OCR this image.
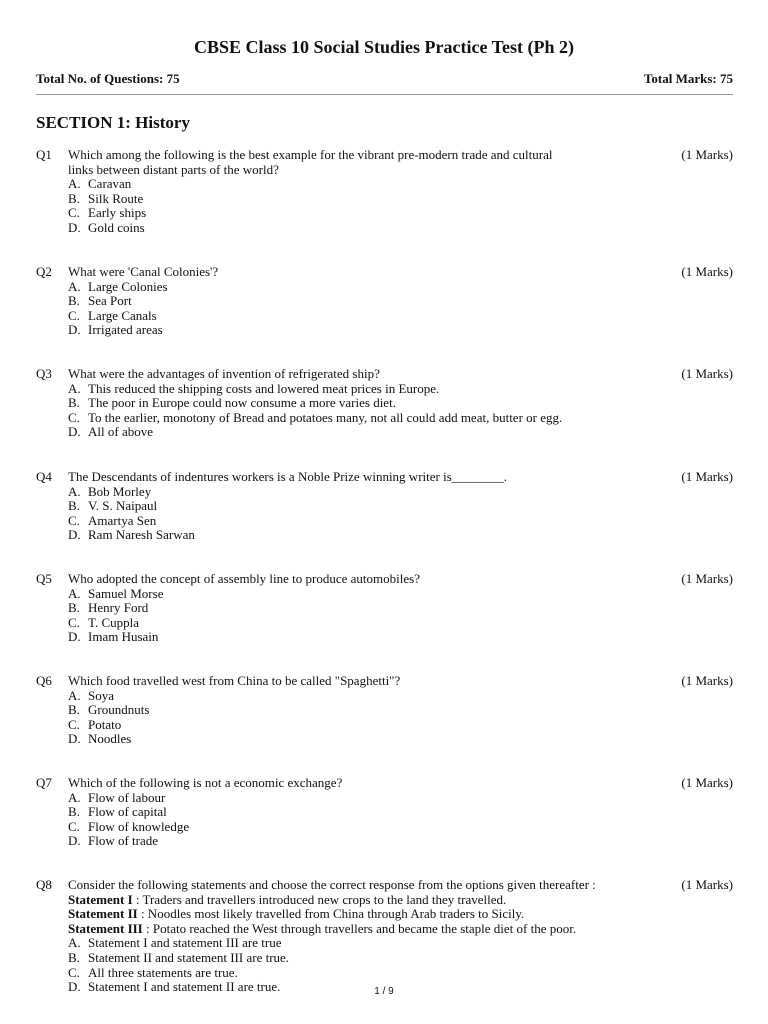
CBSE Class 10 Social Studies Practice Test (Ph 2)
Total No. of Questions: 75	Total Marks: 75
SECTION 1: History
Q1	(1 Marks)
Which among the following is the best example for the vibrant pre-modern trade and cultural
links between distant parts of the world?
A. Caravan
B. Silk Route
C. Early ships
D. Gold coins
Q2	(1 Marks)
What were 'Canal Colonies'?
A. Large Colonies
B. Sea Port
C. Large Canals
D. Irrigated areas
Q3	(1 Marks)
What were the advantages of invention of refrigerated ship?
A. This reduced the shipping costs and lowered meat prices in Europe.
B. The poor in Europe could now consume a more varies diet.
C. To the earlier, monotony of Bread and potatoes many, not all could add meat, butter or egg.
D. All of above
Q4	(1 Marks)
The Descendants of indentures workers is a Noble Prize winning writer is________.
A. Bob Morley
B. V. S. Naipaul
C. Amartya Sen
D. Ram Naresh Sarwan
Q5	(1 Marks)
Who adopted the concept of assembly line to produce automobiles?
A. Samuel Morse
B. Henry Ford
C. T. Cuppla
D. Imam Husain
Q6	(1 Marks)
Which food travelled west from China to be called "Spaghetti"?
A. Soya
B. Groundnuts
C. Potato
D. Noodles
Q7	(1 Marks)
Which of the following is not a economic exchange?
A. Flow of labour
B. Flow of capital
C. Flow of knowledge
D. Flow of trade
Q8	(1 Marks)
Consider the following statements and choose the correct response from the options given thereafter :
Statement I : Traders and travellers introduced new crops to the land they travelled.
Statement II : Noodles most likely travelled from China through Arab traders to Sicily.
Statement III : Potato reached the West through travellers and became the staple diet of the poor.
A. Statement I and statement III are true
B. Statement II and statement III are true.
C. All three statements are true.
D. Statement I and statement II are true.	1 / 9
